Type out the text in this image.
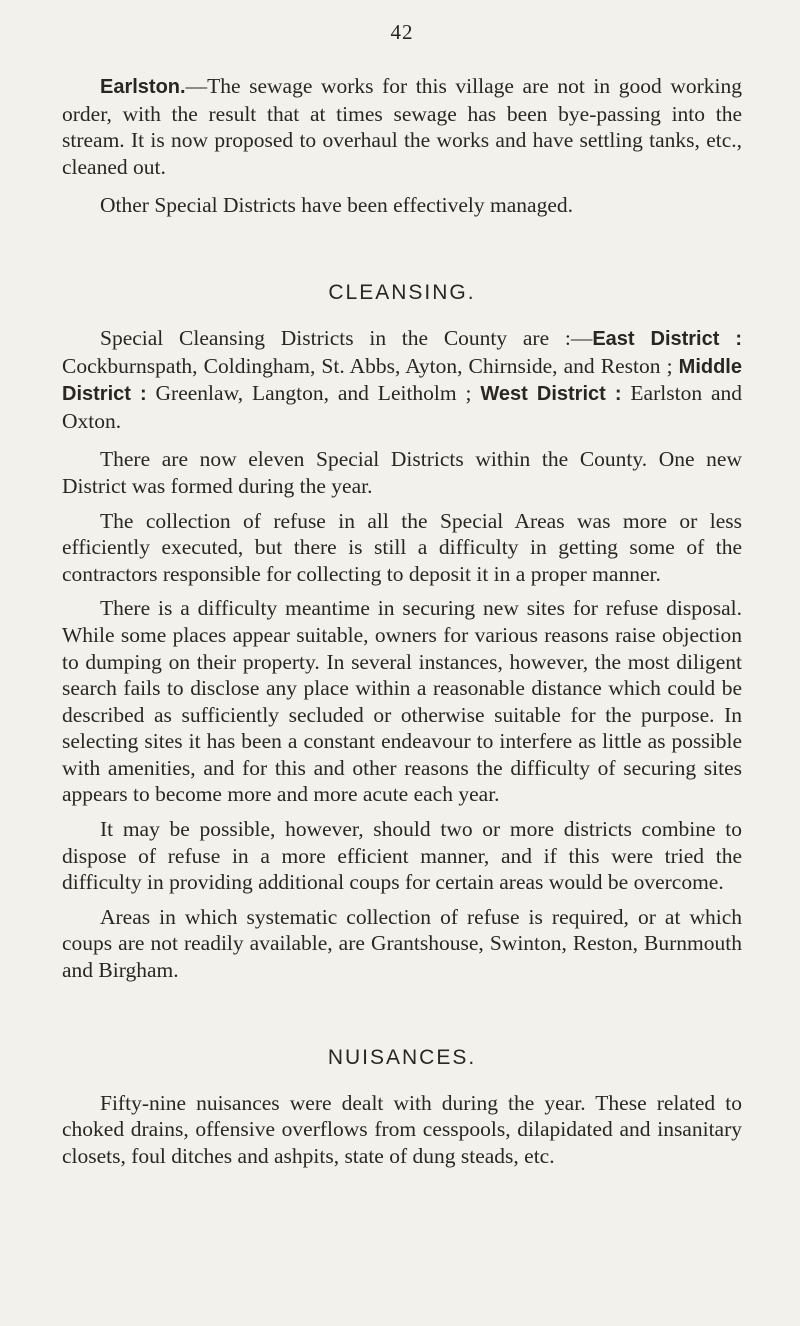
42

Earlston.—The sewage works for this village are not in good working order, with the result that at times sewage has been bye-passing into the stream. It is now proposed to overhaul the works and have settling tanks, etc., cleaned out.

Other Special Districts have been effectively managed.

CLEANSING.

Special Cleansing Districts in the County are :—East District : Cockburnspath, Coldingham, St. Abbs, Ayton, Chirnside, and Reston ; Middle District : Greenlaw, Langton, and Leitholm ; West District : Earlston and Oxton.

There are now eleven Special Districts within the County. One new District was formed during the year.

The collection of refuse in all the Special Areas was more or less efficiently executed, but there is still a difficulty in getting some of the contractors responsible for collecting to deposit it in a proper manner.

There is a difficulty meantime in securing new sites for refuse disposal. While some places appear suitable, owners for various reasons raise objection to dumping on their property. In several instances, however, the most diligent search fails to disclose any place within a reasonable distance which could be described as sufficiently secluded or otherwise suitable for the purpose. In selecting sites it has been a constant endeavour to interfere as little as possible with amenities, and for this and other reasons the difficulty of securing sites appears to become more and more acute each year.

It may be possible, however, should two or more districts combine to dispose of refuse in a more efficient manner, and if this were tried the difficulty in providing additional coups for certain areas would be overcome.

Areas in which systematic collection of refuse is required, or at which coups are not readily available, are Grantshouse, Swinton, Reston, Burnmouth and Birgham.

NUISANCES.

Fifty-nine nuisances were dealt with during the year. These related to choked drains, offensive overflows from cesspools, dilapidated and insanitary closets, foul ditches and ashpits, state of dung steads, etc.
